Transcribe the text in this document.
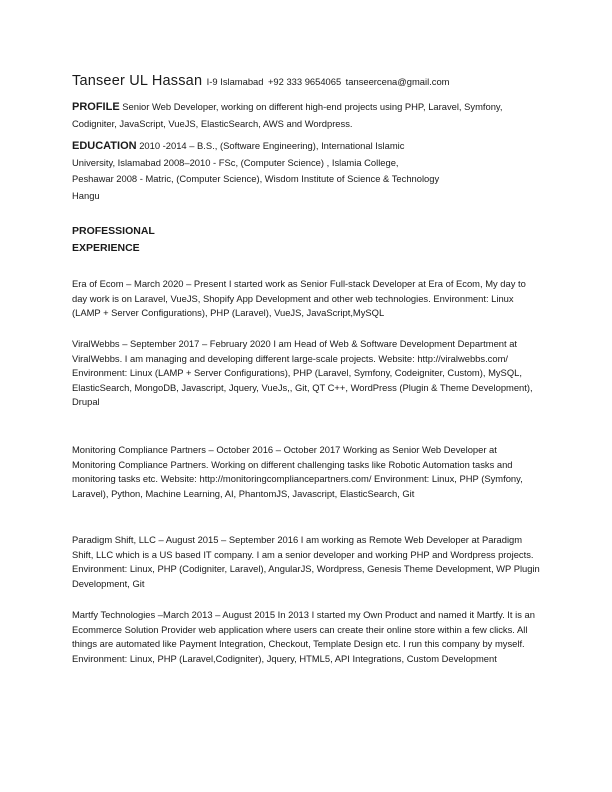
Tanseer UL Hassan I-9 Islamabad +92 333 9654065 tanseercena@gmail.com
PROFILE Senior Web Developer, working on different high-end projects using PHP, Laravel, Symfony, Codigniter, JavaScript, VueJS, ElasticSearch, AWS and Wordpress.
EDUCATION 2010 -2014 – B.S., (Software Engineering), International Islamic University, Islamabad 2008–2010 - FSc, (Computer Science) , Islamia College, Peshawar 2008 - Matric, (Computer Science), Wisdom Institute of Science & Technology Hangu
PROFESSIONAL
EXPERIENCE
Era of Ecom – March 2020 – Present I started work as Senior Full-stack Developer at Era of Ecom, My day to day work is on Laravel, VueJS, Shopify App Development and other web technologies. Environment: Linux (LAMP + Server Configurations), PHP (Laravel), VueJS, JavaScript,MySQL
ViralWebbs – September 2017 – February 2020 I am Head of Web & Software Development Department at ViralWebbs. I am managing and developing different large-scale projects. Website: http://viralwebbs.com/ Environment: Linux (LAMP + Server Configurations), PHP (Laravel, Symfony, Codeigniter, Custom), MySQL, ElasticSearch, MongoDB, Javascript, Jquery, VueJs,, Git, QT C++, WordPress (Plugin & Theme Development), Drupal
Monitoring Compliance Partners – October 2016 – October 2017 Working as Senior Web Developer at Monitoring Compliance Partners. Working on different challenging tasks like Robotic Automation tasks and monitoring tasks etc. Website: http://monitoringcompliancepartners.com/ Environment: Linux, PHP (Symfony, Laravel), Python, Machine Learning, AI, PhantomJS, Javascript, ElasticSearch, Git
Paradigm Shift, LLC – August 2015 – September 2016 I am working as Remote Web Developer at Paradigm Shift, LLC which is a US based IT company. I am a senior developer and working PHP and Wordpress projects. Environment: Linux, PHP (Codigniter, Laravel), AngularJS, Wordpress, Genesis Theme Development, WP Plugin Development, Git
Martfy Technologies –March 2013 – August 2015 In 2013 I started my Own Product and named it Martfy. It is an Ecommerce Solution Provider web application where users can create their online store within a few clicks. All things are automated like Payment Integration, Checkout, Template Design etc. I run this company by myself. Environment: Linux, PHP (Laravel,Codigniter), Jquery, HTML5, API Integrations, Custom Development
